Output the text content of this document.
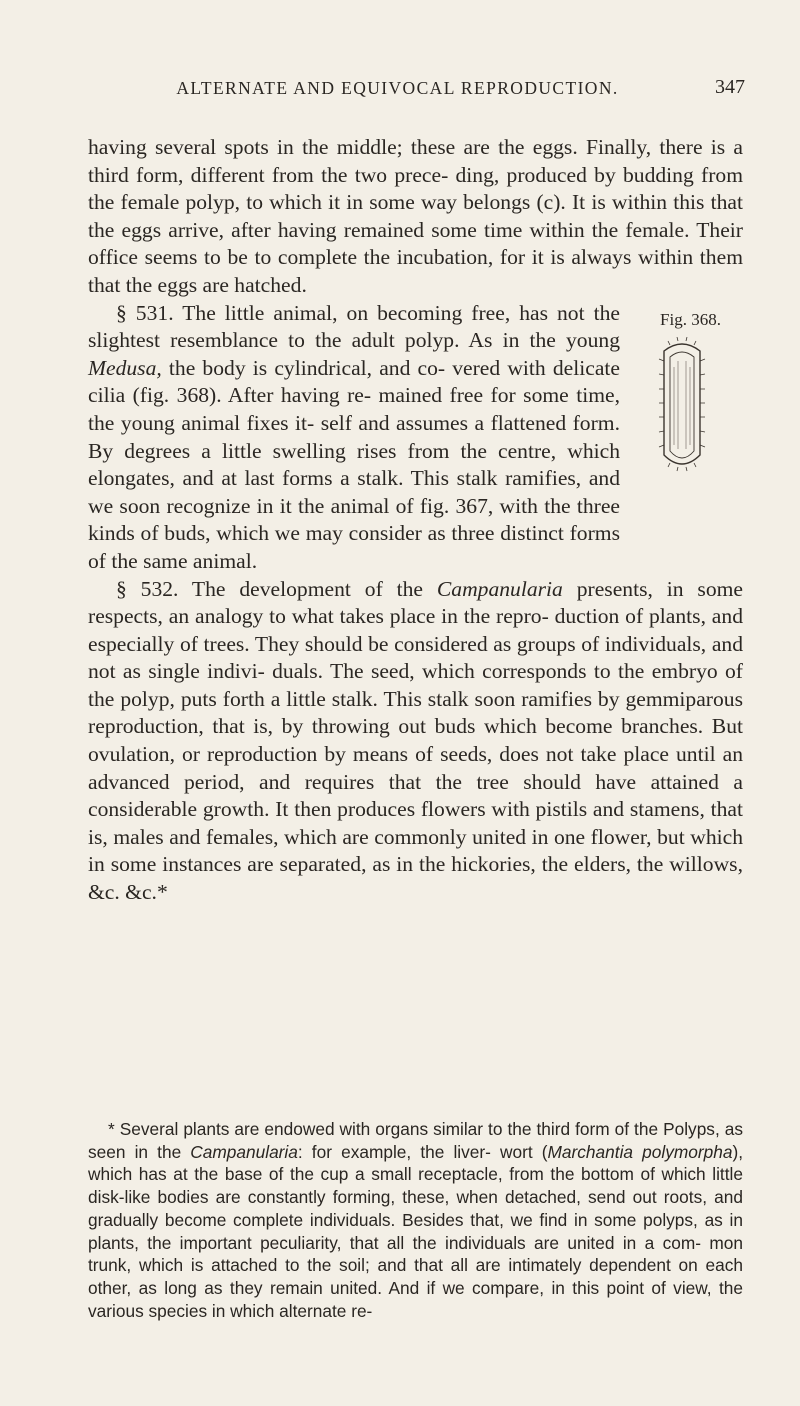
ALTERNATE AND EQUIVOCAL REPRODUCTION.	347

having several spots in the middle; these are the eggs. Finally, there is a third form, different from the two prece- ding, produced by budding from the female polyp, to which it in some way belongs (c). It is within this that the eggs arrive, after having remained some time within the female. Their office seems to be to complete the incubation, for it is always within them that the eggs are hatched.

Fig. 368.

§ 531. The little animal, on becoming free, has not the slightest resemblance to the adult polyp. As in the young Medusa, the body is cylindrical, and co- vered with delicate cilia (fig. 368). After having re- mained free for some time, the young animal fixes it- self and assumes a flattened form. By degrees a little swelling rises from the centre, which elongates, and at last forms a stalk. This stalk ramifies, and we soon recognize in it the animal of fig. 367, with the three kinds of buds, which we may consider as three distinct forms of the same animal.

§ 532. The development of the Campanularia presents, in some respects, an analogy to what takes place in the repro- duction of plants, and especially of trees. They should be considered as groups of individuals, and not as single indivi- duals. The seed, which corresponds to the embryo of the polyp, puts forth a little stalk. This stalk soon ramifies by gemmiparous reproduction, that is, by throwing out buds which become branches. But ovulation, or reproduction by means of seeds, does not take place until an advanced period, and requires that the tree should have attained a considerable growth. It then produces flowers with pistils and stamens, that is, males and females, which are commonly united in one flower, but which in some instances are separated, as in the hickories, the elders, the willows, &c. &c.*

* Several plants are endowed with organs similar to the third form of the Polyps, as seen in the Campanularia: for example, the liver- wort (Marchantia polymorpha), which has at the base of the cup a small receptacle, from the bottom of which little disk-like bodies are constantly forming, these, when detached, send out roots, and gradually become complete individuals. Besides that, we find in some polyps, as in plants, the important peculiarity, that all the individuals are united in a com- mon trunk, which is attached to the soil; and that all are intimately dependent on each other, as long as they remain united. And if we compare, in this point of view, the various species in which alternate re-
